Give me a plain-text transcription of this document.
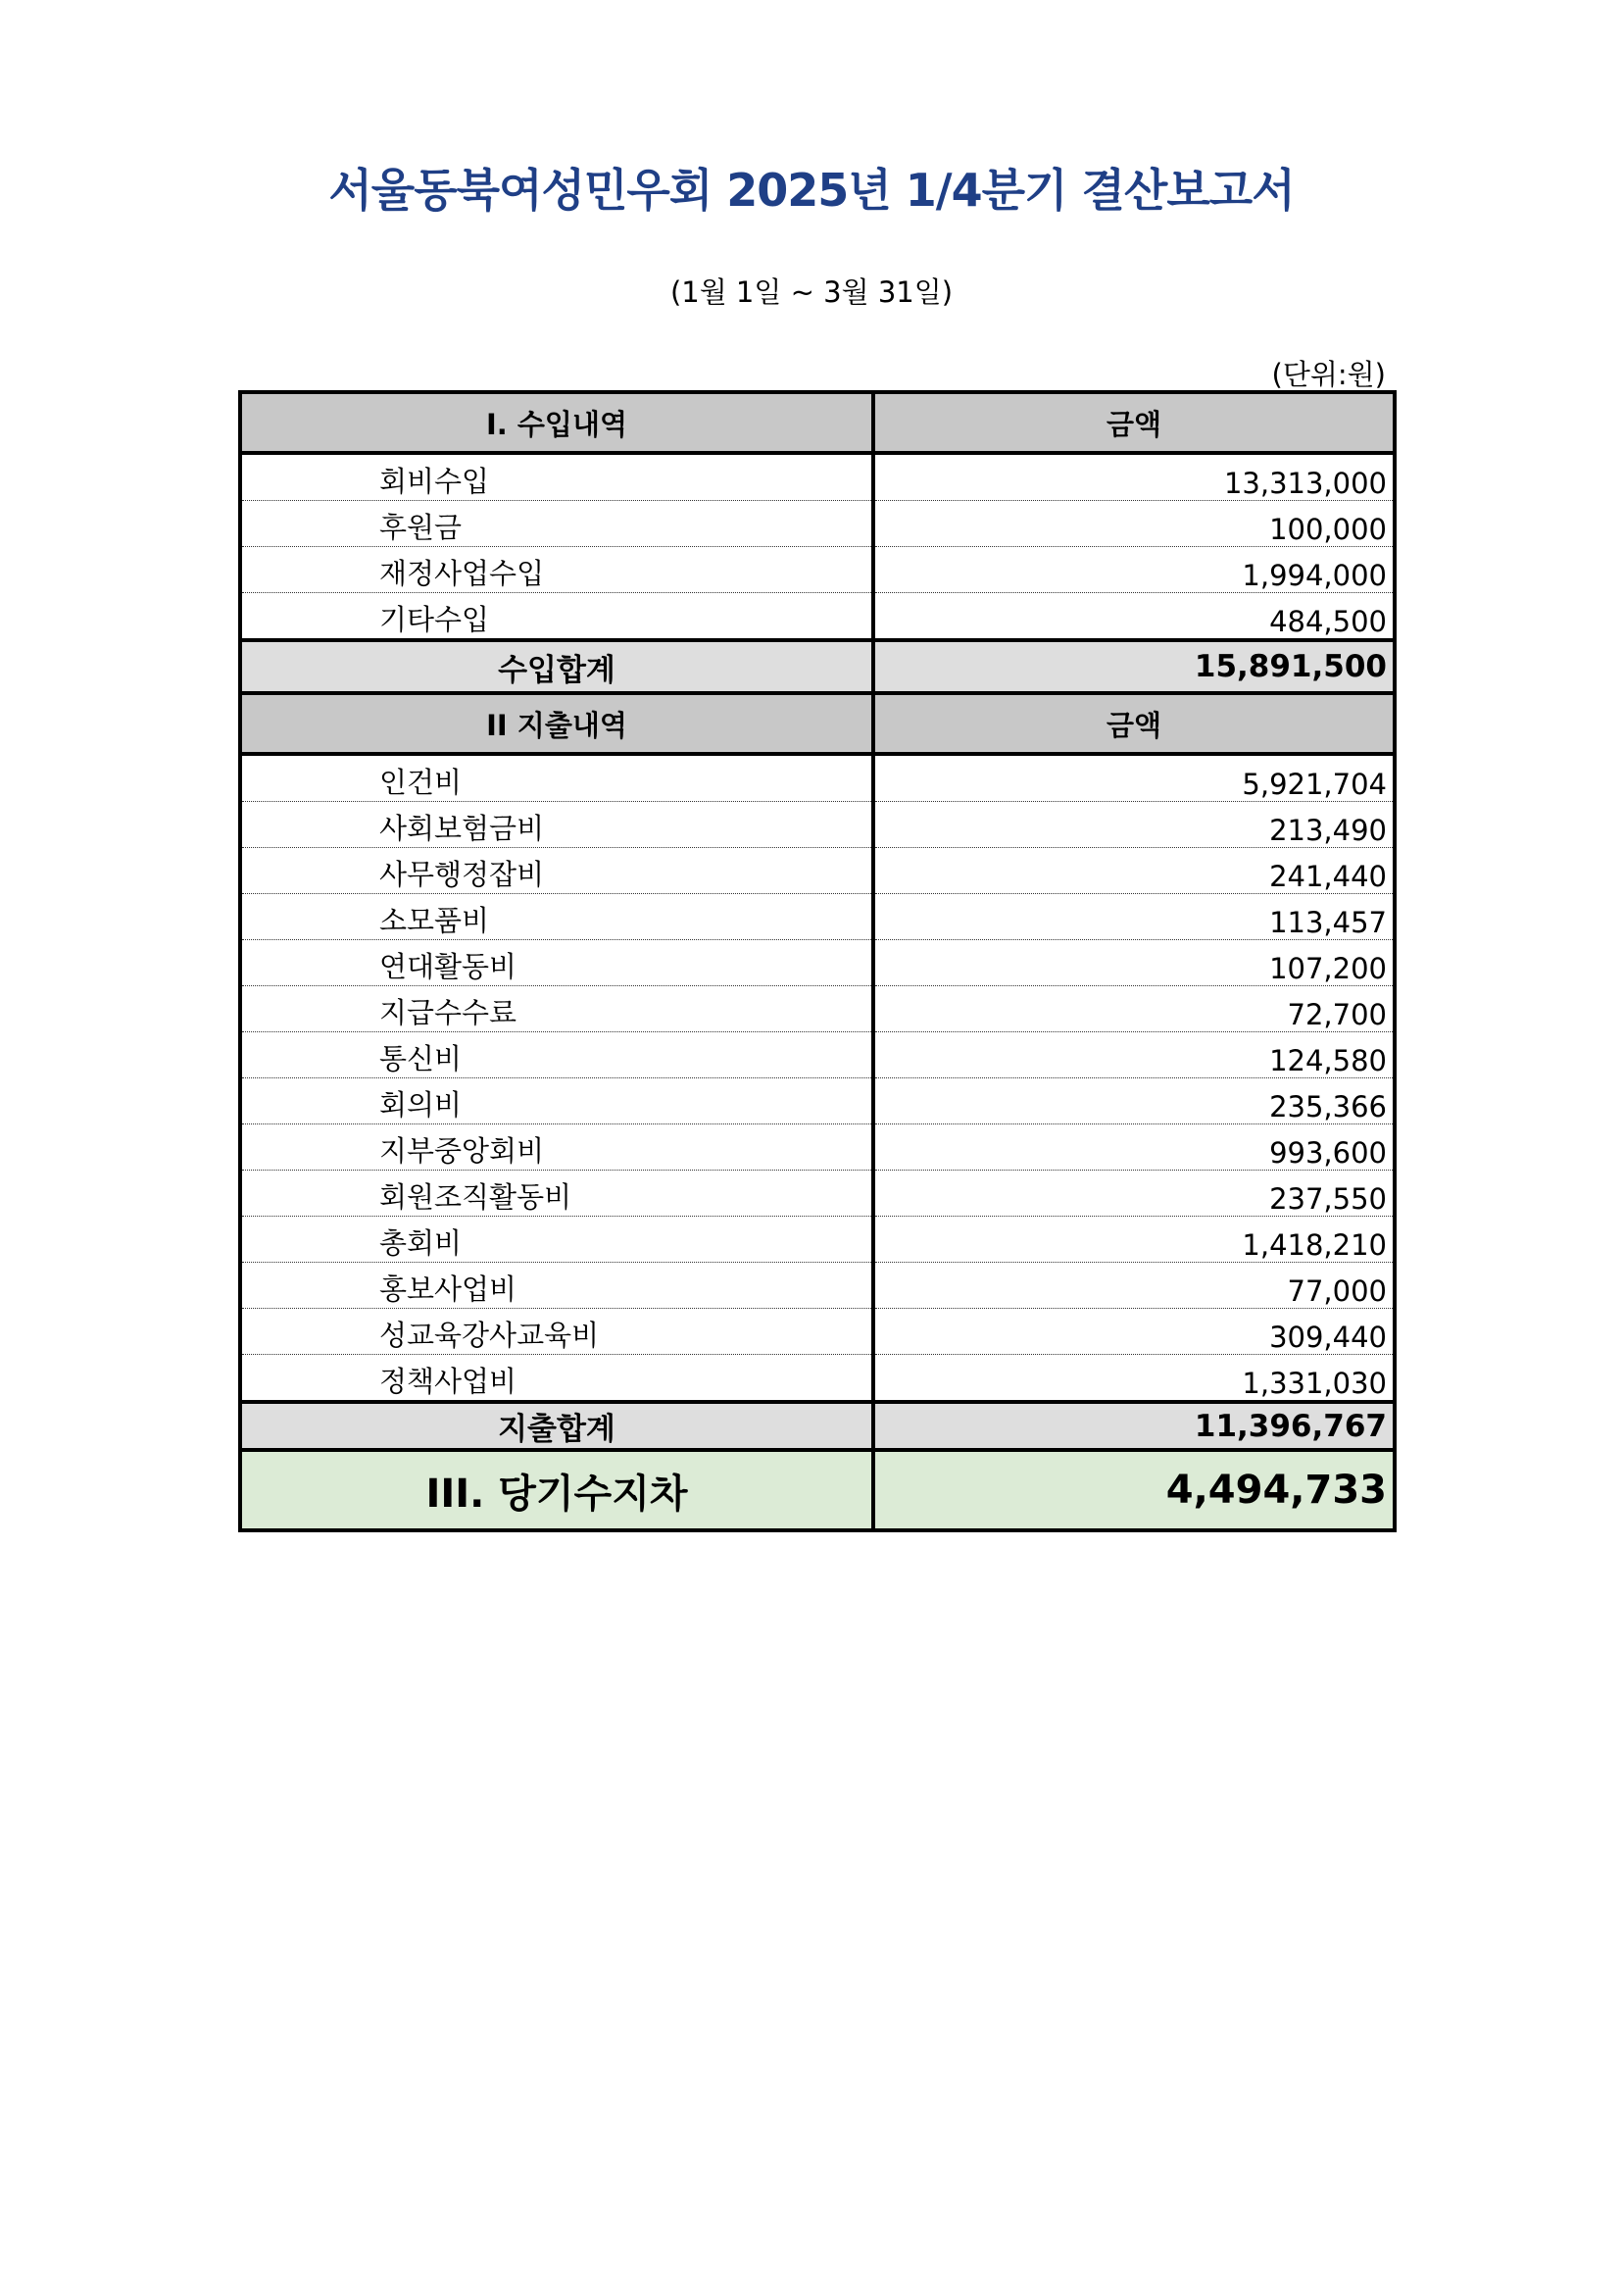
서울동북여성민우회 2025년 1/4분기 결산보고서
(1월 1일 ~ 3월 31일)
(단위:원)
I. 수입내역	금액
회비수입	13,313,000
후원금	100,000
재정사업수입	1,994,000
기타수입	484,500
수입합계	15,891,500
II 지출내역	금액
인건비	5,921,704
사회보험금비	213,490
사무행정잡비	241,440
소모품비	113,457
연대활동비	107,200
지급수수료	72,700
통신비	124,580
회의비	235,366
지부중앙회비	993,600
회원조직활동비	237,550
총회비	1,418,210
홍보사업비	77,000
성교육강사교육비	309,440
정책사업비	1,331,030
지출합계	11,396,767
III. 당기수지차	4,494,733
